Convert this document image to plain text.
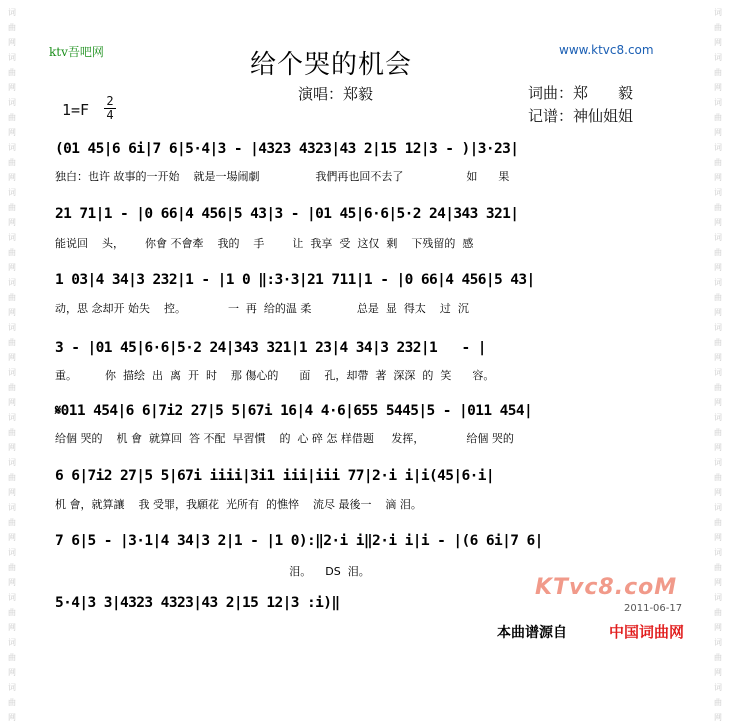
词
曲
网
词
曲
网
词
曲
网
词
曲
网
词
曲
网
词
曲
网
词
曲
网
词
曲
网
词
曲
网
词
曲
网
词
曲
网
词
曲
网
词
曲
网
词
曲
网
词
曲
网
词
曲
网
词
曲
网
词
曲
网
词
曲
网
词
曲
网
词
曲
网
词
曲
网
词
曲
网
词
曲
网
词
曲
网
词
曲
网
词
曲
网
词
曲
网
词
曲
网
词
曲
网
词
曲
网
词
曲
网
ktv吾吧网	www.ktvc8.com
给个哭的机会
演唱：郑毅	词曲：郑　　毅
记谱：神仙姐姐
1=F 2
4
(01 45|6 6i|7 6|5·4|3 - |4323 4323|43 2|15 12|3 - )|3·23|
独白：也许 故事的一开始    就是一場闹劇                我們再也回不去了                  如      果
21 71|1 - |0 66|4 456|5 43|3 - |01 45|6·6|5·2 24|343 321|
能说回    头，      你會 不會牽    我的    手        让  我享  受  这仅  剩    下残留的  感
1 03|4 34|3 232|1 - |1 0 ‖:3·3|21 711|1 - |0 66|4 456|5 43|
动，思 念却开 始失    控。            一  再  给的温 柔             总是  显  得太    过  沉
3 - |01 45|6·6|5·2 24|343 321|1 23|4 34|3 232|1   - |
重。        你  描绘  出  离  开  时    那 傷心的      面    孔，却帶  著  深深  的  笑      容。
𝄋011 454|6 6|7i2 27|5 5|67i 16|4 4·6|655 5445|5 - |011 454|
给個 哭的    机 會  就算回  答 不配  早習慣    的  心 碎 怎 样借题     发挥，            给個 哭的
6 6|7i2 27|5 5|67i iiii|3i1 iii|iii 77|2·i i|i(45|6·i|
机 會，就算讓    我 受罪，我願花  光所有  的憔悴    流尽 最後一    滴 泪。
7 6|5 - |3·1|4 34|3 2|1 - |1 0):‖2·i i‖2·i i|i - |(6 6i|7 6|
泪。    DS  泪。
5·4|3 3|4323 4323|43 2|15 12|3 :i)‖
KTvc8.coM
2011-06-17
本曲谱源自	中国词曲网
